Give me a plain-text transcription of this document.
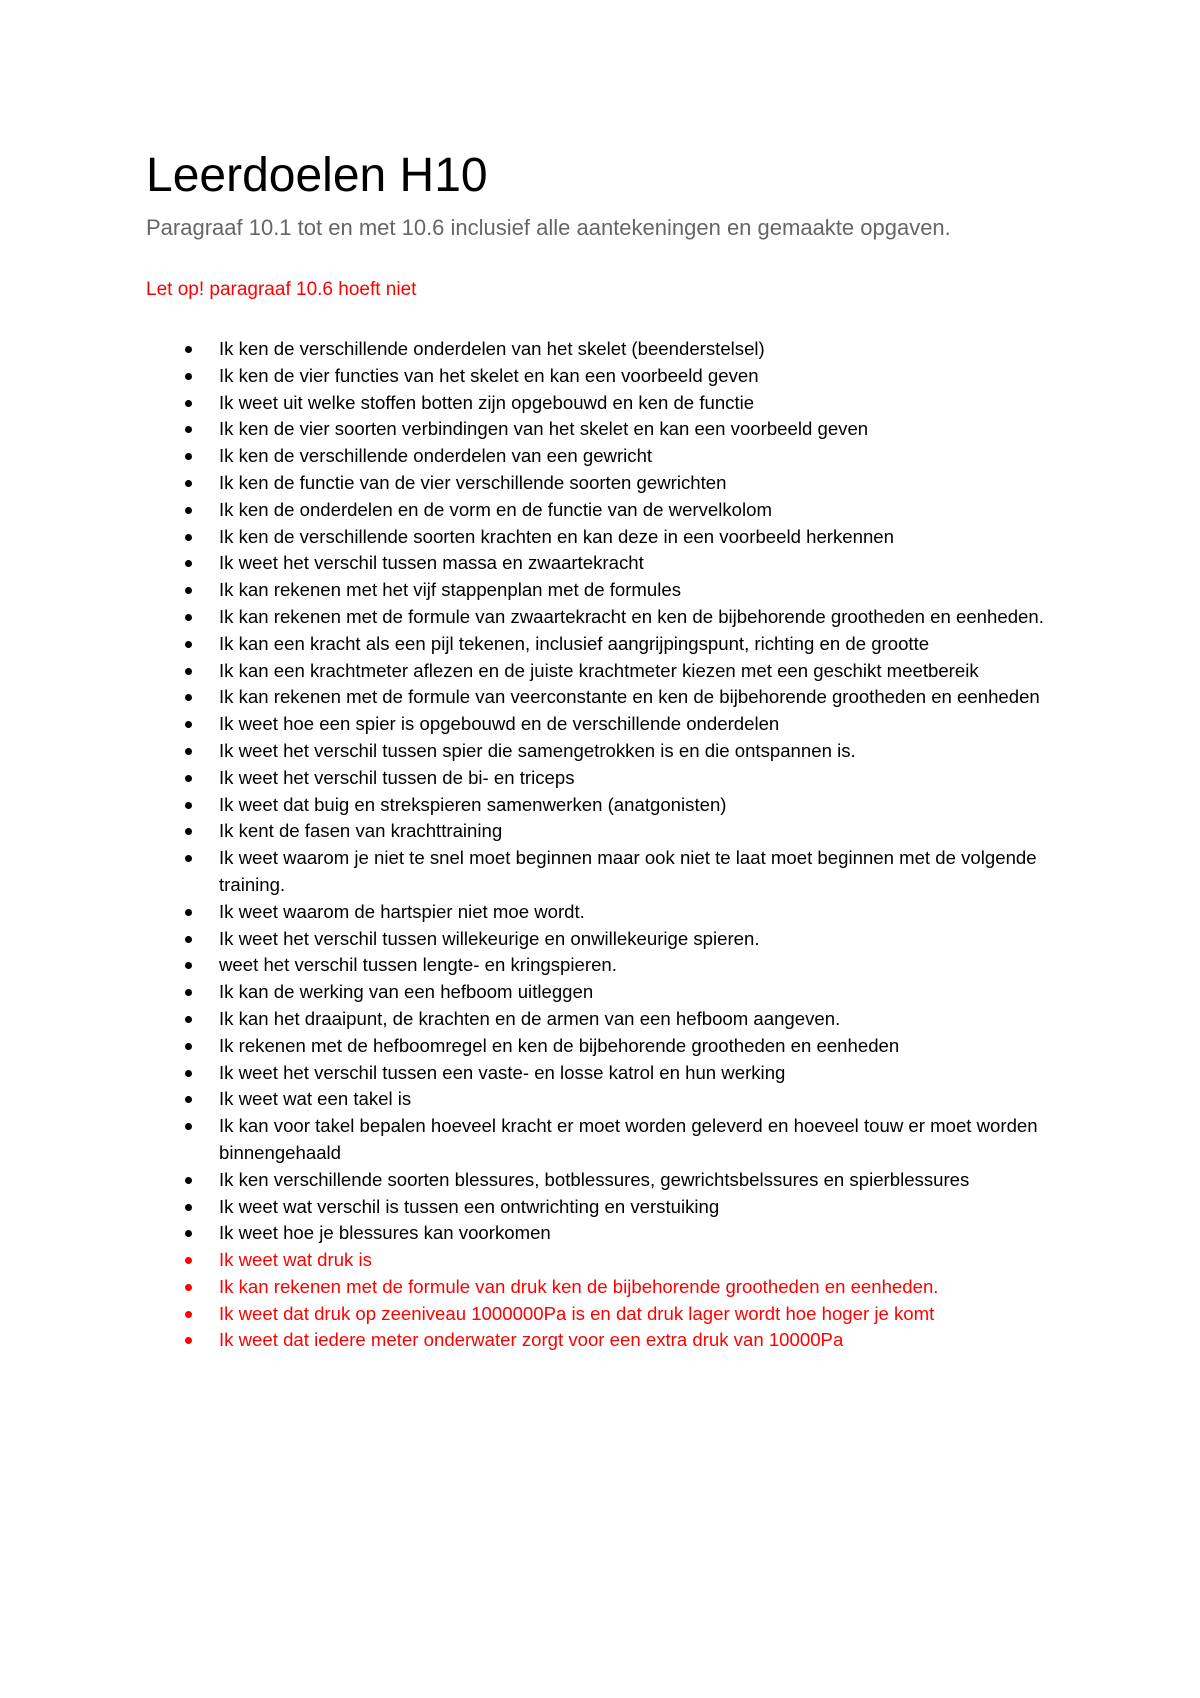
Leerdoelen H10

Paragraaf 10.1 tot en met 10.6 inclusief alle aantekeningen en gemaakte opgaven.

Let op! paragraaf 10.6 hoeft niet

Ik ken de verschillende onderdelen van het skelet (beenderstelsel)
Ik ken de vier functies van het skelet en kan een voorbeeld geven
Ik weet uit welke stoffen botten zijn opgebouwd en ken de functie
Ik ken de vier soorten verbindingen van het skelet en kan een voorbeeld geven
Ik ken de verschillende onderdelen van een gewricht
Ik ken de functie van de vier verschillende soorten gewrichten
Ik ken de onderdelen en de vorm en de functie van de wervelkolom
Ik ken de verschillende soorten krachten en kan deze in een voorbeeld herkennen
Ik weet het verschil tussen massa en zwaartekracht
Ik kan rekenen met het vijf stappenplan met de formules
Ik kan rekenen met de formule van zwaartekracht en ken de bijbehorende grootheden en eenheden.
Ik kan een kracht als een pijl tekenen, inclusief aangrijpingspunt, richting en de grootte
Ik kan een krachtmeter aflezen en de juiste krachtmeter kiezen met een geschikt meetbereik
Ik kan rekenen met de formule van veerconstante en ken de bijbehorende grootheden en eenheden
Ik weet hoe een spier is opgebouwd en de verschillende onderdelen
Ik weet het verschil tussen spier die samengetrokken is en die ontspannen is.
Ik weet het verschil tussen de bi- en triceps
Ik weet dat buig en strekspieren samenwerken (anatgonisten)
Ik kent de fasen van krachttraining
Ik weet waarom je niet te snel moet beginnen maar ook niet te laat moet beginnen met de volgende training.
Ik weet waarom de hartspier niet moe wordt.
Ik weet het verschil tussen willekeurige en onwillekeurige spieren.
weet het verschil tussen lengte- en kringspieren.
Ik kan de werking van een hefboom uitleggen
Ik kan het draaipunt, de krachten en de armen van een hefboom aangeven.
Ik rekenen met de hefboomregel en ken de bijbehorende grootheden en eenheden
Ik weet het verschil tussen een vaste- en losse katrol en hun werking
Ik weet wat een takel is
Ik kan voor takel bepalen hoeveel kracht er moet worden geleverd en hoeveel touw er moet worden binnengehaald
Ik ken verschillende soorten blessures, botblessures, gewrichtsbelssures en spierblessures
Ik weet wat verschil is tussen een ontwrichting en verstuiking
Ik weet hoe je blessures kan voorkomen
Ik weet wat druk is
Ik kan rekenen met de formule van druk ken de bijbehorende grootheden en eenheden.
Ik weet dat druk op zeeniveau 1000000Pa is en dat druk lager wordt hoe hoger je komt
Ik weet dat iedere meter onderwater zorgt voor een extra druk van 10000Pa
